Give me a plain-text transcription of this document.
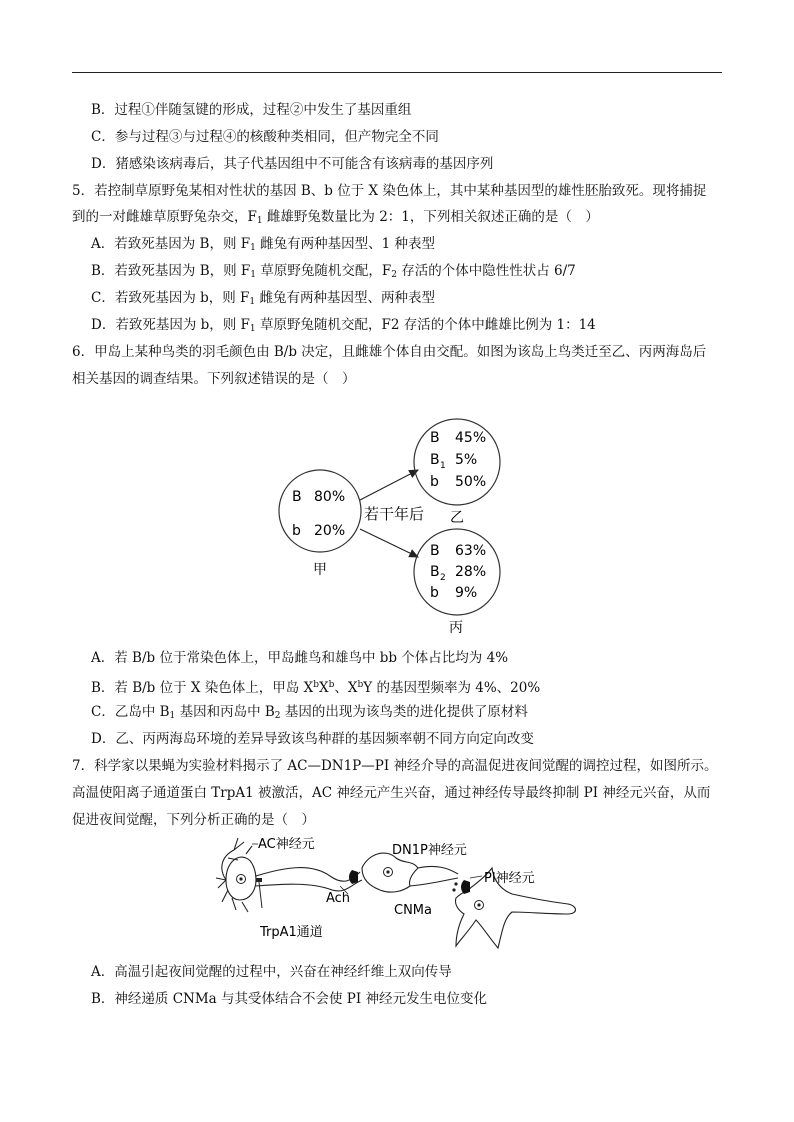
B．过程①伴随氢键的形成，过程②中发生了基因重组
C．参与过程③与过程④的核酸种类相同，但产物完全不同
D．猪感染该病毒后，其子代基因组中不可能含有该病毒的基因序列
5．若控制草原野兔某相对性状的基因 B、b 位于 X 染色体上，其中某种基因型的雄性胚胎致死。现将捕捉
到的一对雌雄草原野兔杂交，$F_1$ 雌雄野兔数量比为 2：1，下列相关叙述正确的是（　）
A．若致死基因为 B，则 $F_1$ 雌兔有两种基因型、1 种表型
B．若致死基因为 B，则 $F_1$ 草原野兔随机交配，$F_2$ 存活的个体中隐性性状占 6/7
C．若致死基因为 b，则 $F_1$ 雌兔有两种基因型、两种表型
D．若致死基因为 b，则 $F_1$ 草原野兔随机交配，F2 存活的个体中雌雄比例为 1：14
6．甲岛上某种鸟类的羽毛颜色由 B/b 决定，且雌雄个体自由交配。如图为该岛上鸟类迁至乙、丙两海岛后
相关基因的调查结果。下列叙述错误的是（　）
B 80%
b 20%
甲
若干年后
B 45%
B 1 5%
b 50%
乙
B 63%
B 2 28%
b 9%
丙
A．若 B/b 位于常染色体上，甲岛雌鸟和雄鸟中 bb 个体占比均为 4%
B．若 B/b 位于 X 染色体上，甲岛 $X^bX^b$、$X^bY$ 的基因型频率为 4%、20%
C．乙岛中 $B_1$ 基因和丙岛中 $B_2$ 基因的出现为该鸟类的进化提供了原材料
D．乙、丙两海岛环境的差异导致该鸟种群的基因频率朝不同方向定向改变
7．科学家以果蝇为实验材料揭示了 AC—DN1P—PI 神经介导的高温促进夜间觉醒的调控过程，如图所示。
高温使阳离子通道蛋白 TrpA1 被激活，AC 神经元产生兴奋，通过神经传导最终抑制 PI 神经元兴奋，从而
促进夜间觉醒，下列分析正确的是（　）
AC神经元	DN1P神经元
PI神经元
Ach
CNMa
TrpA1通道
A．高温引起夜间觉醒的过程中，兴奋在神经纤维上双向传导
B．神经递质 CNMa 与其受体结合不会使 PI 神经元发生电位变化
